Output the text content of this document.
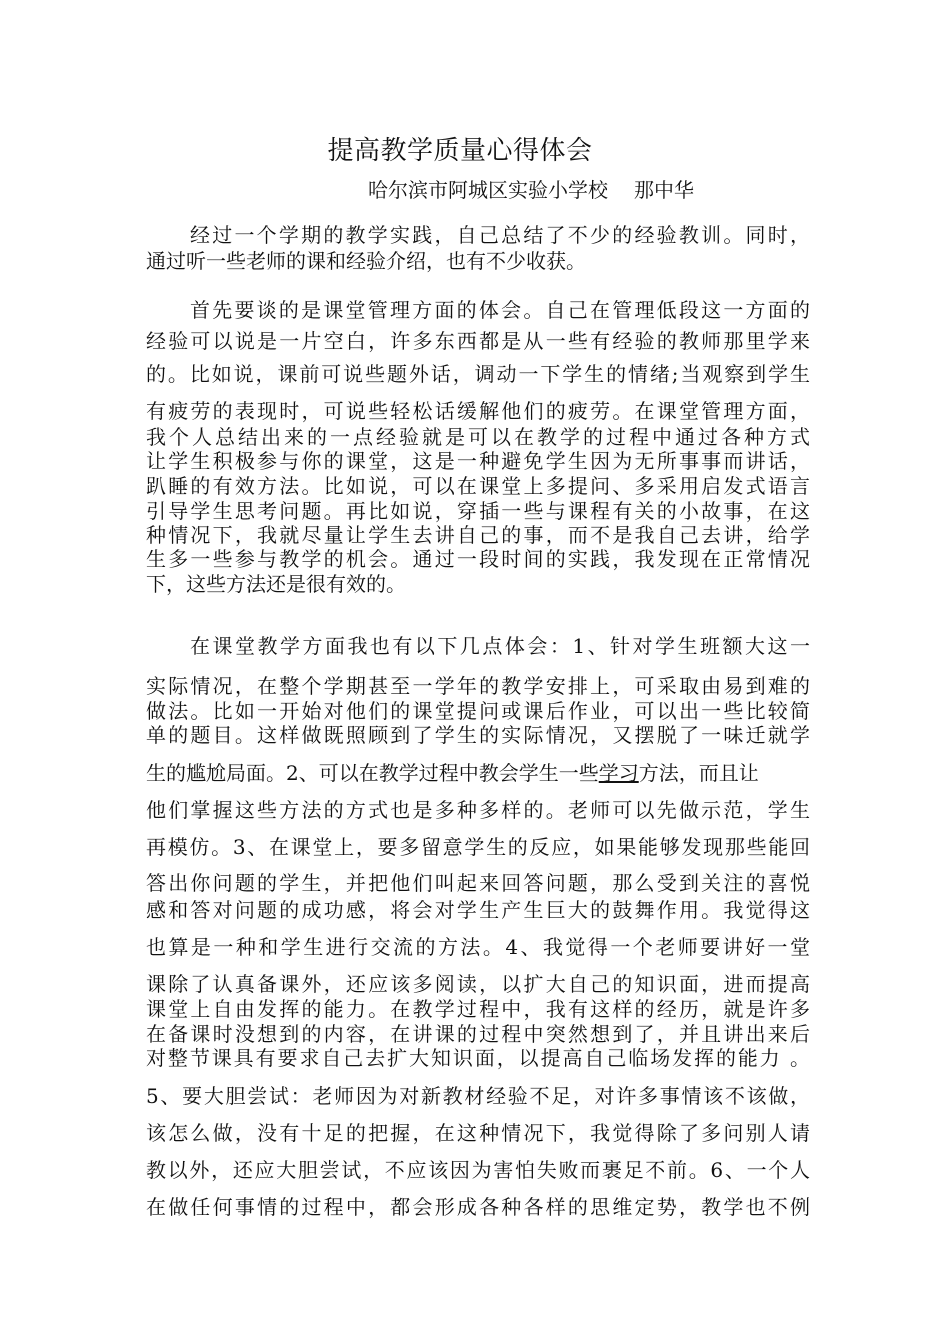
提高教学质量心得体会
哈尔滨市阿城区实验小学校 那中华
经过一个学期的教学实践，自己总结了不少的经验教训。同时，
通过听一些老师的课和经验介绍，也有不少收获。
首先要谈的是课堂管理方面的体会。自己在管理低段这一方面的
经验可以说是一片空白，许多东西都是从一些有经验的教师那里学来
的。比如说，课前可说些题外话，调动一下学生的情绪;当观察到学生
有疲劳的表现时，可说些轻松话缓解他们的疲劳。在课堂管理方面，
我个人总结出来的一点经验就是可以在教学的过程中通过各种方式
让学生积极参与你的课堂，这是一种避免学生因为无所事事而讲话，
趴睡的有效方法。比如说，可以在课堂上多提问、多采用启发式语言
引导学生思考问题。再比如说，穿插一些与课程有关的小故事，在这
种情况下，我就尽量让学生去讲自己的事，而不是我自己去讲，给学
生多一些参与教学的机会。通过一段时间的实践，我发现在正常情况
下，这些方法还是很有效的。
在课堂教学方面我也有以下几点体会：1、针对学生班额大这一
实际情况，在整个学期甚至一学年的教学安排上，可采取由易到难的
做法。比如一开始对他们的课堂提问或课后作业，可以出一些比较简
单的题目。这样做既照顾到了学生的实际情况，又摆脱了一味迁就学
生的尴尬局面。2、可以在教学过程中教会学生一些学习方法，而且让
他们掌握这些方法的方式也是多种多样的。老师可以先做示范，学生
再模仿。3、在课堂上，要多留意学生的反应，如果能够发现那些能回
答出你问题的学生，并把他们叫起来回答问题，那么受到关注的喜悦
感和答对问题的成功感，将会对学生产生巨大的鼓舞作用。我觉得这
也算是一种和学生进行交流的方法。4、我觉得一个老师要讲好一堂
课除了认真备课外，还应该多阅读，以扩大自己的知识面，进而提高
课堂上自由发挥的能力。在教学过程中，我有这样的经历，就是许多
在备课时没想到的内容，在讲课的过程中突然想到了，并且讲出来后
对整节课具有要求自己去扩大知识面，以提高自己临场发挥的能力 。
5、要大胆尝试：老师因为对新教材经验不足，对许多事情该不该做，
该怎么做，没有十足的把握，在这种情况下，我觉得除了多问别人请
教以外，还应大胆尝试，不应该因为害怕失败而裹足不前。6、一个人
在做任何事情的过程中，都会形成各种各样的思维定势，教学也不例
